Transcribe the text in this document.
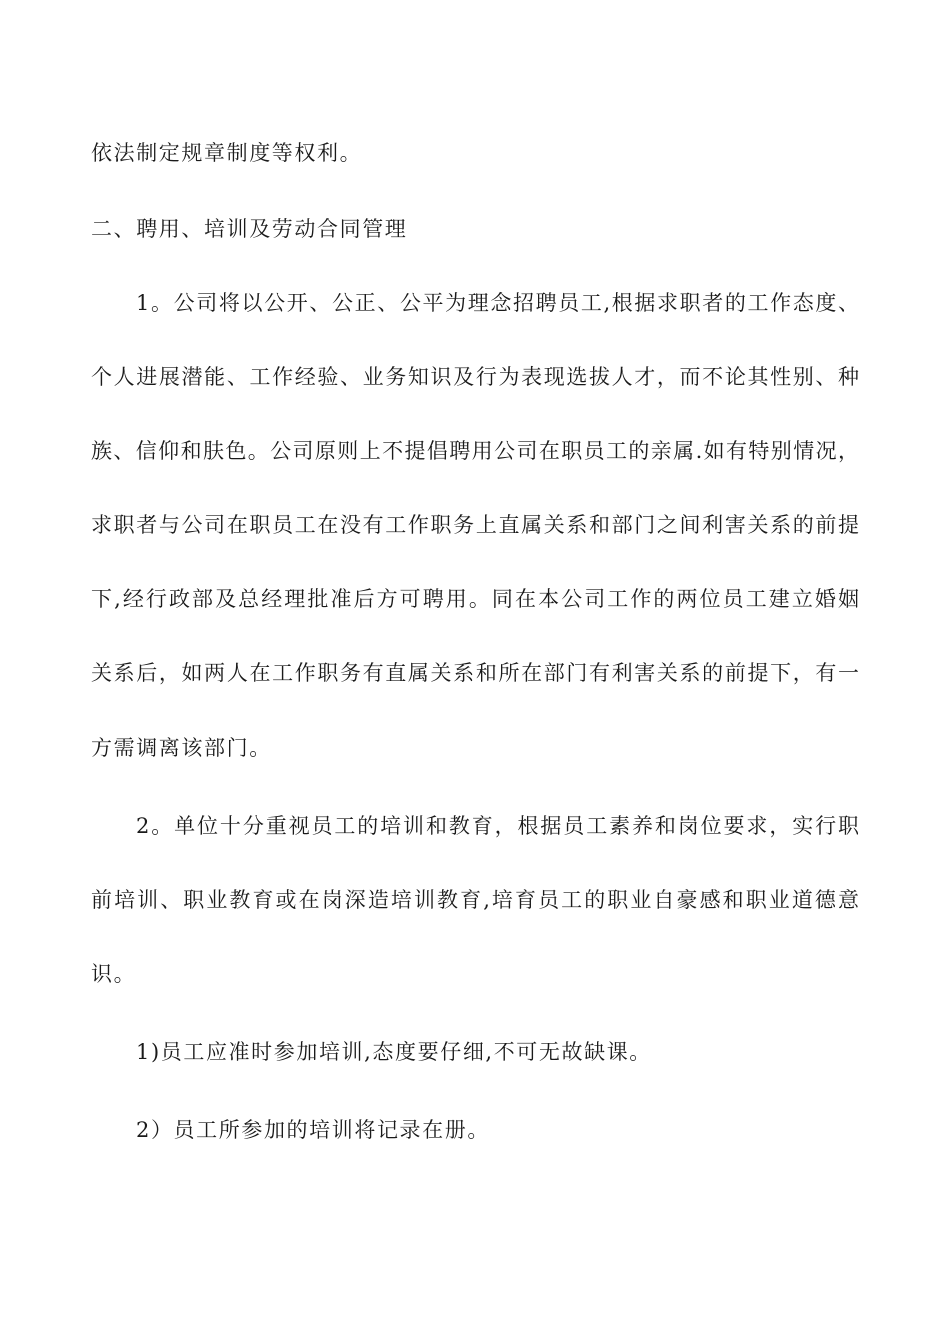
依法制定规章制度等权利。
二、聘用、培训及劳动合同管理
1。公司将以公开、公正、公平为理念招聘员工,根据求职者的工作态度、
个人进展潜能、工作经验、业务知识及行为表现选拔人才，而不论其性别、种
族、信仰和肤色。公司原则上不提倡聘用公司在职员工的亲属.如有特别情况，
求职者与公司在职员工在没有工作职务上直属关系和部门之间利害关系的前提
下,经行政部及总经理批准后方可聘用。同在本公司工作的两位员工建立婚姻
关系后，如两人在工作职务有直属关系和所在部门有利害关系的前提下，有一
方需调离该部门。
2。单位十分重视员工的培训和教育，根据员工素养和岗位要求，实行职
前培训、职业教育或在岗深造培训教育,培育员工的职业自豪感和职业道德意
识。
1)员工应准时参加培训,态度要仔细,不可无故缺课。
2）员工所参加的培训将记录在册。
